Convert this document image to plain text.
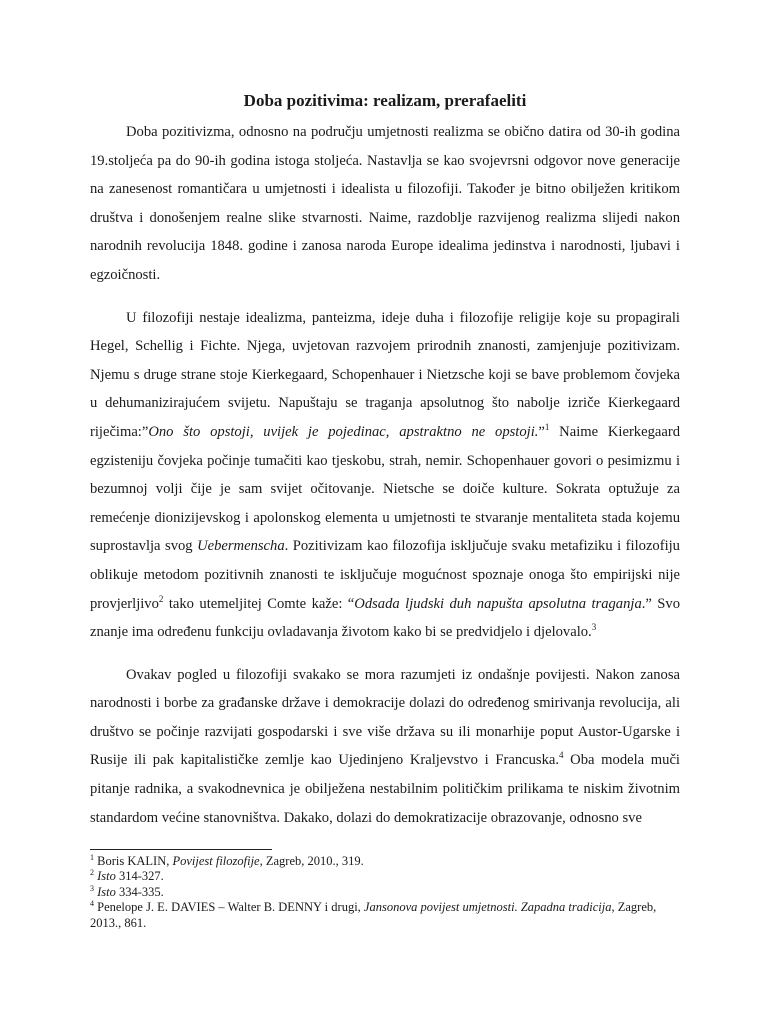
Doba pozitivima: realizam, prerafaeliti

Doba pozitivizma, odnosno na području umjetnosti realizma se obično datira od 30-ih godina 19.stoljeća pa do 90-ih godina istoga stoljeća. Nastavlja se kao svojevrsni odgovor nove generacije na zanesenost romantičara u umjetnosti i idealista u filozofiji. Također je bitno obilježen kritikom društva i donošenjem realne slike stvarnosti. Naime, razdoblje razvijenog realizma slijedi nakon narodnih revolucija 1848. godine i zanosa naroda Europe idealima jedinstva i narodnosti, ljubavi i egzoičnosti.

U filozofiji nestaje idealizma, panteizma, ideje duha i filozofije religije koje su propagirali Hegel, Schellig i Fichte. Njega, uvjetovan razvojem prirodnih znanosti, zamjenjuje pozitivizam. Njemu s druge strane stoje Kierkegaard, Schopenhauer i Nietzsche koji se bave problemom čovjeka u dehumanizirajućem svijetu. Napuštaju se traganja apsolutnog što nabolje izriče Kierkegaard riječima:”Ono što opstoji, uvijek je pojedinac, apstraktno ne opstoji.”$^1$ Naime Kierkegaard egzisteniju čovjeka počinje tumačiti kao tjeskobu, strah, nemir. Schopenhauer govori o pesimizmu i bezumnoj volji čije je sam svijet očitovanje. Nietsche se doiče kulture. Sokrata optužuje za remećenje dionizijevskog i apolonskog elementa u umjetnosti te stvaranje mentaliteta stada kojemu suprostavlja svog Uebermenscha. Pozitivizam kao filozofija isključuje svaku metafiziku i filozofiju oblikuje metodom pozitivnih znanosti te isključuje mogućnost spoznaje onoga što empirijski nije provjerljivo$^2$ tako utemeljitej Comte kaže: “Odsada ljudski duh napušta apsolutna traganja.” Svo znanje ima određenu funkciju ovladavanja životom kako bi se predvidjelo i djelovalo.$^3$

Ovakav pogled u filozofiji svakako se mora razumjeti iz ondašnje povijesti. Nakon zanosa narodnosti i borbe za građanske države i demokracije dolazi do određenog smirivanja revolucija, ali društvo se počinje razvijati gospodarski i sve više država su ili monarhije poput Austor-Ugarske i Rusije ili pak kapitalističke zemlje kao Ujedinjeno Kraljevstvo i Francuska.$^4$ Oba modela muči pitanje radnika, a svakodnevnica je obilježena nestabilnim političkim prilikama te niskim životnim standardom većine stanovništva. Dakako, dolazi do demokratizacije obrazovanje, odnosno sve

$^1$ Boris KALIN, Povijest filozofije, Zagreb, 2010., 319.

$^2$ Isto 314-327.

$^3$ Isto 334-335.

$^4$ Penelope J. E. DAVIES – Walter B. DENNY i drugi, Jansonova povijest umjetnosti. Zapadna tradicija, Zagreb, 2013., 861.
